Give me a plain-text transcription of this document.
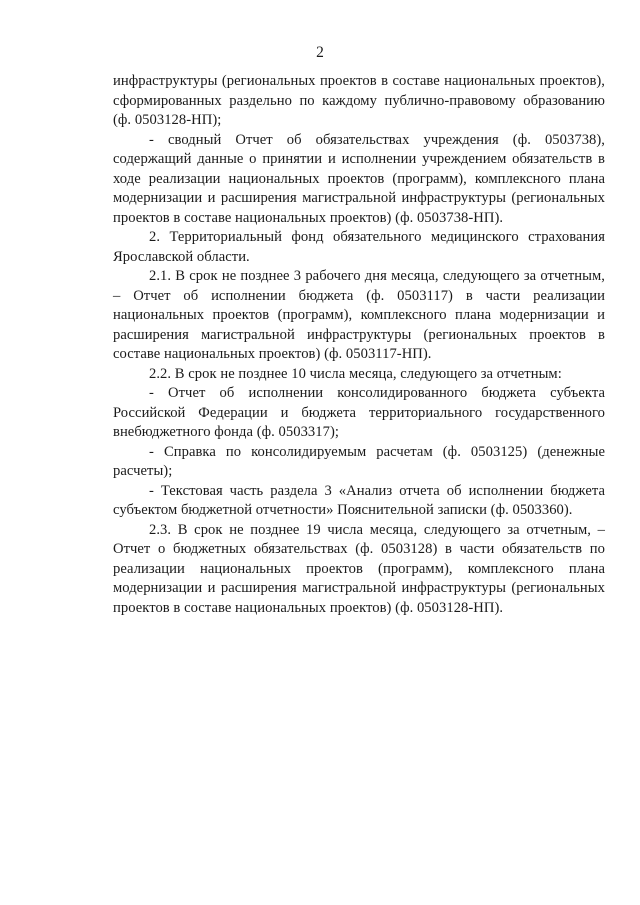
2

инфраструктуры (региональных проектов в составе национальных проектов), сформированных раздельно по каждому публично-правовому образованию (ф. 0503128-НП);

- сводный Отчет об обязательствах учреждения (ф. 0503738), содержащий данные о принятии и исполнении учреждением обязательств в ходе реализации национальных проектов (программ), комплексного плана модернизации и расширения магистральной инфраструктуры (региональных проектов в составе национальных проектов) (ф. 0503738-НП).

2. Территориальный фонд обязательного медицинского страхования Ярославской области.

2.1. В срок не позднее 3 рабочего дня месяца, следующего за отчетным, – Отчет об исполнении бюджета (ф. 0503117) в части реализации национальных проектов (программ), комплексного плана модернизации и расширения магистральной инфраструктуры (региональных проектов в составе национальных проектов) (ф. 0503117-НП).

2.2. В срок не позднее 10 числа месяца, следующего за отчетным:

- Отчет об исполнении консолидированного бюджета субъекта Российской Федерации и бюджета территориального государственного внебюджетного фонда (ф. 0503317);

- Справка по консолидируемым расчетам (ф. 0503125) (денежные расчеты);

- Текстовая часть раздела 3 «Анализ отчета об исполнении бюджета субъектом бюджетной отчетности» Пояснительной записки (ф. 0503360).

2.3. В срок не позднее 19 числа месяца, следующего за отчетным, – Отчет о бюджетных обязательствах (ф. 0503128) в части обязательств по реализации национальных проектов (программ), комплексного плана модернизации и расширения магистральной инфраструктуры (региональных проектов в составе национальных проектов) (ф. 0503128-НП).
